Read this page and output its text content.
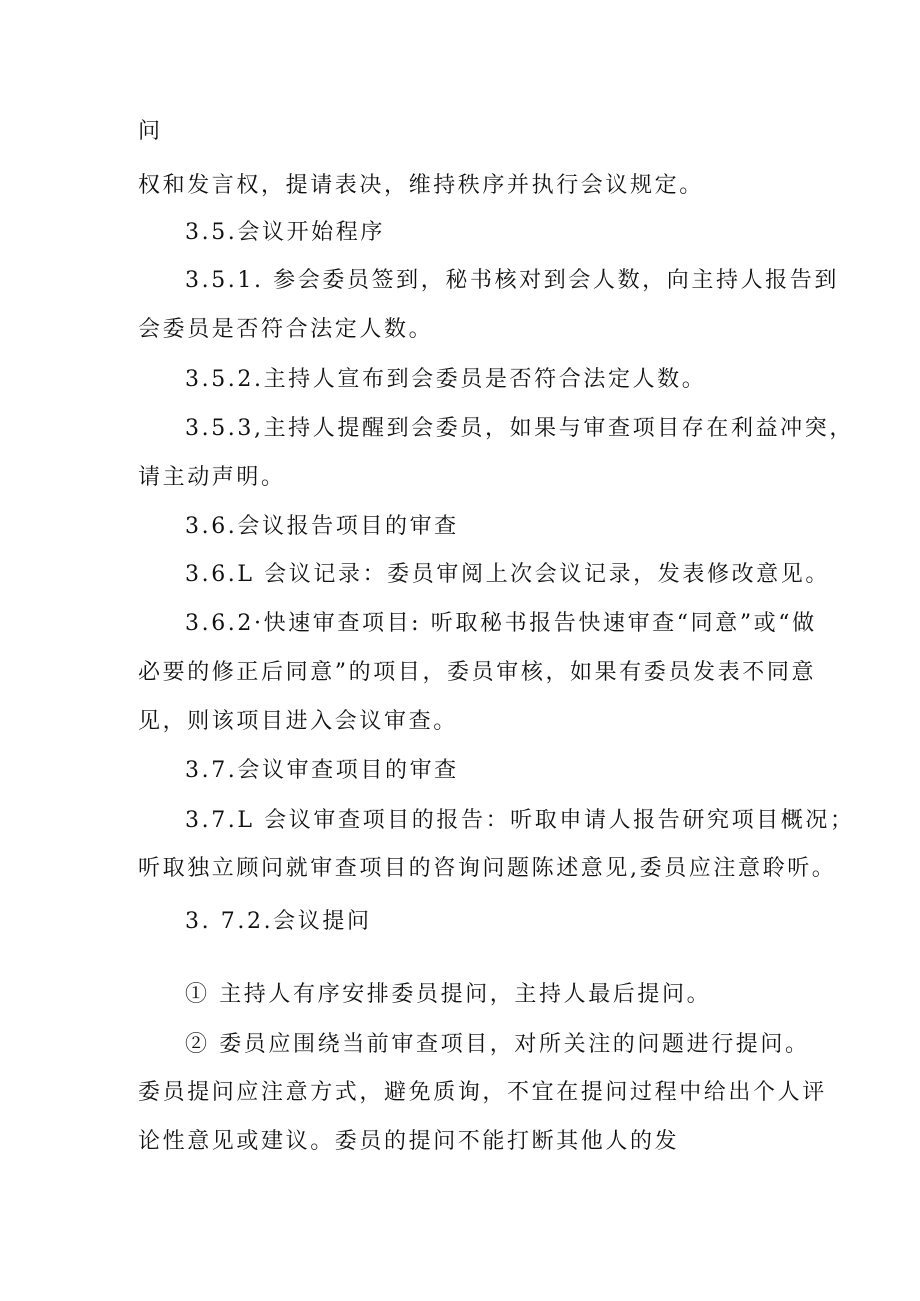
问
权和发言权，提请表决，维持秩序并执行会议规定。
3.5.会议开始程序
3.5.1. 参会委员签到，秘书核对到会人数，向主持人报告到
会委员是否符合法定人数。
3.5.2.主持人宣布到会委员是否符合法定人数。
3.5.3,主持人提醒到会委员，如果与审查项目存在利益冲突，
请主动声明。
3.6.会议报告项目的审查
3.6.L 会议记录：委员审阅上次会议记录，发表修改意见。
3.6.2·快速审查项目: 听取秘书报告快速审查“同意”或“做
必要的修正后同意”的项目，委员审核，如果有委员发表不同意
见，则该项目进入会议审查。
3.7.会议审查项目的审查
3.7.L 会议审查项目的报告：听取申请人报告研究项目概况；
听取独立顾问就审查项目的咨询问题陈述意见,委员应注意聆听。
3. 7.2.会议提问
① 主持人有序安排委员提问，主持人最后提问。
② 委员应围绕当前审查项目，对所关注的问题进行提问。
委员提问应注意方式，避免质询，不宜在提问过程中给出个人评
论性意见或建议。委员的提问不能打断其他人的发
